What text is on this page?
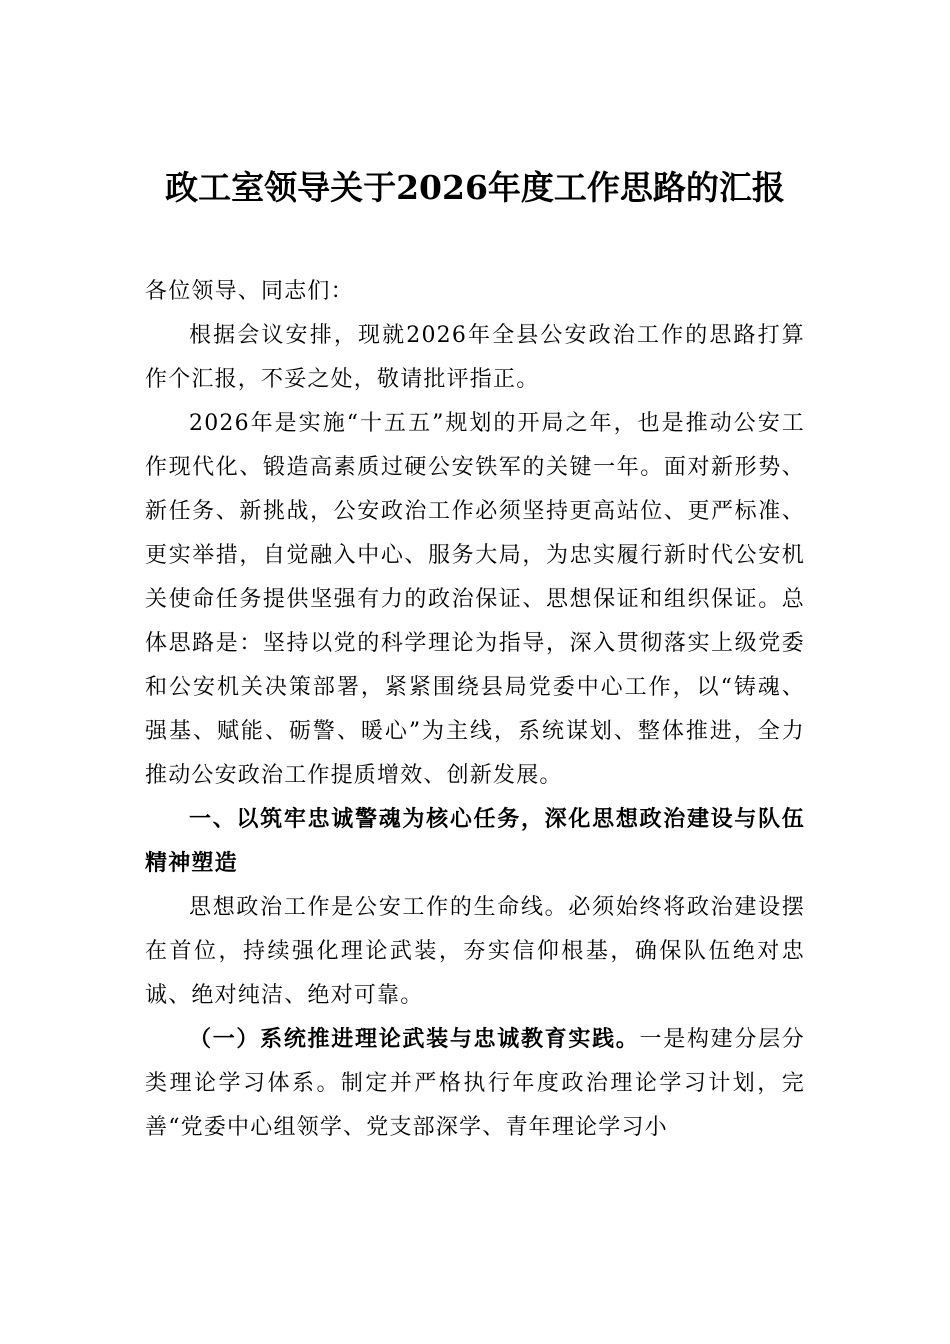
政工室领导关于2026年度工作思路的汇报

各位领导、同志们：

根据会议安排，现就2026年全县公安政治工作的思路打算作个汇报，不妥之处，敬请批评指正。

2026年是实施“十五五”规划的开局之年，也是推动公安工作现代化、锻造高素质过硬公安铁军的关键一年。面对新形势、新任务、新挑战，公安政治工作必须坚持更高站位、更严标准、更实举措，自觉融入中心、服务大局，为忠实履行新时代公安机关使命任务提供坚强有力的政治保证、思想保证和组织保证。总体思路是：坚持以党的科学理论为指导，深入贯彻落实上级党委和公安机关决策部署，紧紧围绕县局党委中心工作，以“铸魂、强基、赋能、砺警、暖心”为主线，系统谋划、整体推进，全力推动公安政治工作提质增效、创新发展。

一、以筑牢忠诚警魂为核心任务，深化思想政治建设与队伍精神塑造

思想政治工作是公安工作的生命线。必须始终将政治建设摆在首位，持续强化理论武装，夯实信仰根基，确保队伍绝对忠诚、绝对纯洁、绝对可靠。

（一）系统推进理论武装与忠诚教育实践。一是构建分层分类理论学习体系。制定并严格执行年度政治理论学习计划，完善“党委中心组领学、党支部深学、青年理论学习小
